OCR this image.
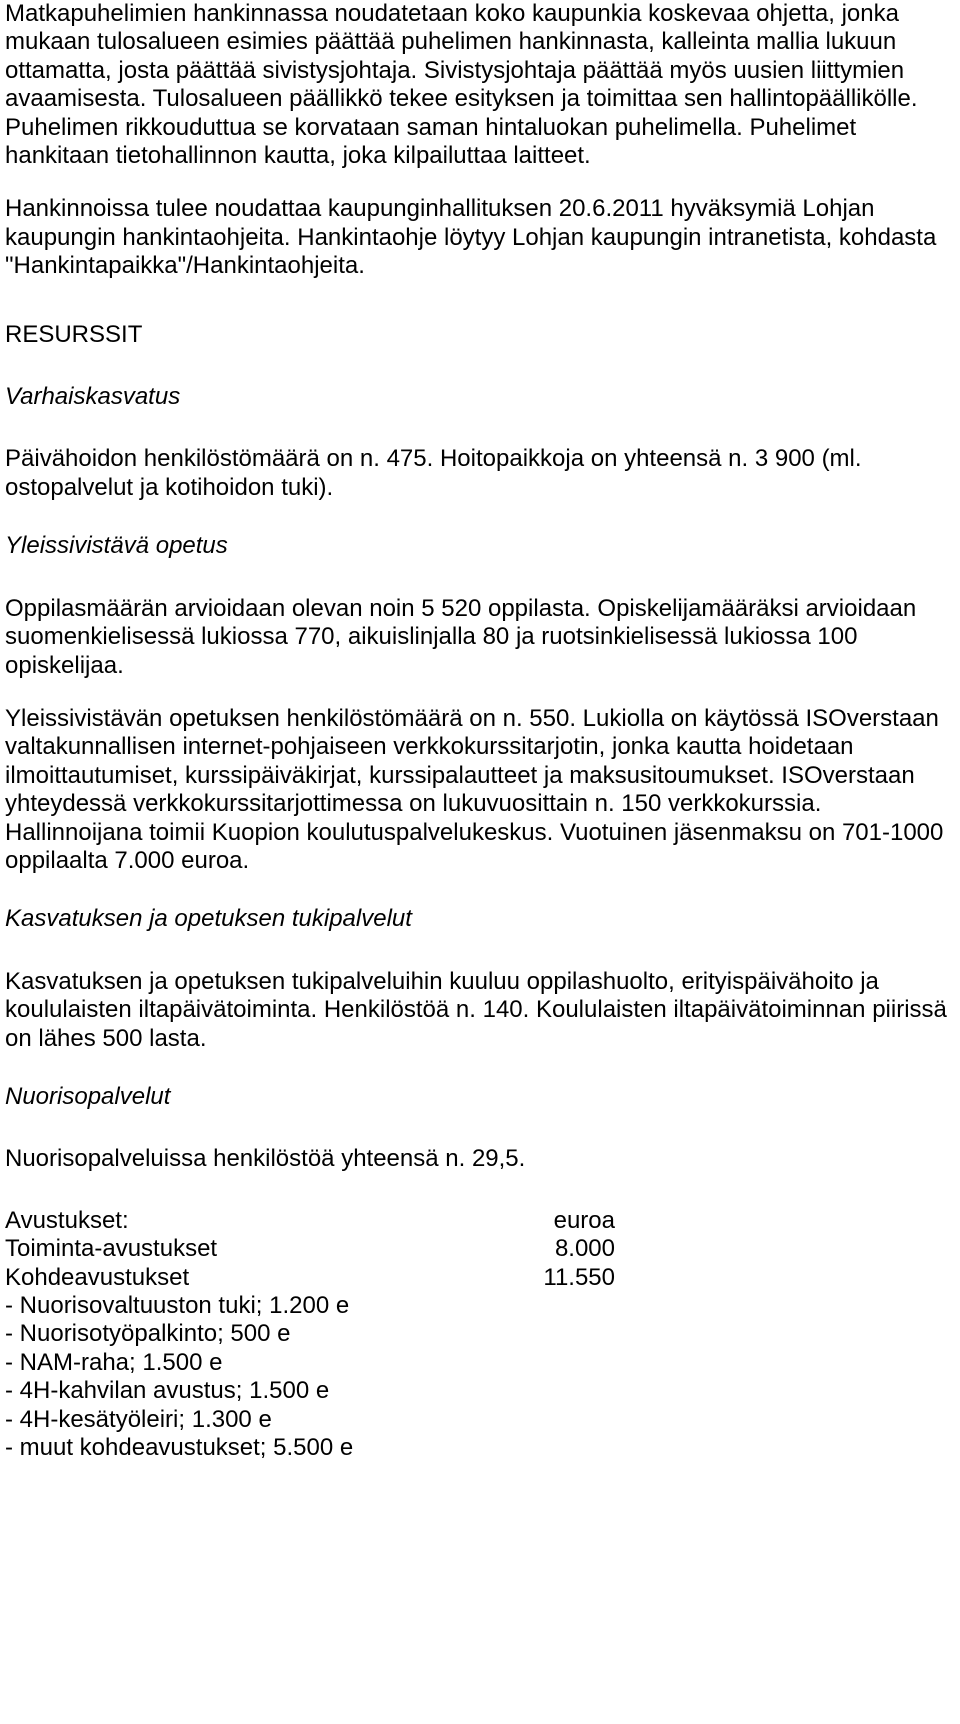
Matkapuhelimien hankinnassa noudatetaan koko kaupunkia koskevaa ohjetta, jonka mukaan tulosalueen esimies päättää puhelimen hankinnasta, kalleinta mallia lukuun ottamatta, josta päättää sivistysjohtaja. Sivistysjohtaja päättää myös uusien liittymien avaamisesta. Tulosalueen päällikkö tekee esityksen ja toimittaa sen hallintopäällikölle. Puhelimen rikkouduttua se korvataan saman hintaluokan puhelimella. Puhelimet hankitaan tietohallinnon kautta, joka kilpailuttaa laitteet.

Hankinnoissa tulee noudattaa kaupunginhallituksen 20.6.2011 hyväksymiä Lohjan kaupungin hankintaohjeita. Hankintaohje löytyy Lohjan kaupungin intranetista, kohdasta "Hankintapaikka"/Hankintaohjeita.

RESURSSIT

Varhaiskasvatus

Päivähoidon henkilöstömäärä on n. 475. Hoitopaikkoja on yhteensä n. 3 900 (ml. ostopalvelut ja kotihoidon tuki).

Yleissivistävä opetus

Oppilasmäärän arvioidaan olevan noin 5 520 oppilasta. Opiskelijamääräksi arvioidaan suomenkielisessä lukiossa 770, aikuislinjalla 80 ja ruotsinkielisessä lukiossa 100 opiskelijaa.

Yleissivistävän opetuksen henkilöstömäärä on n. 550. Lukiolla on käytössä ISOverstaan valtakunnallisen internet-pohjaiseen verkkokurssitarjotin, jonka kautta hoidetaan ilmoittautumiset, kurssipäiväkirjat, kurssipalautteet ja maksusitoumukset. ISOverstaan yhteydessä verkkokurssitarjottimessa on lukuvuosittain n. 150 verkkokurssia. Hallinnoijana toimii Kuopion koulutuspalvelukeskus. Vuotuinen jäsenmaksu on 701-1000 oppilaalta 7.000 euroa.

Kasvatuksen ja opetuksen tukipalvelut

Kasvatuksen ja opetuksen tukipalveluihin kuuluu oppilashuolto, erityispäivähoito ja koululaisten iltapäivätoiminta. Henkilöstöä n. 140. Koululaisten iltapäivätoiminnan piirissä on lähes 500 lasta.

Nuorisopalvelut

Nuorisopalveluissa henkilöstöä yhteensä n. 29,5.

Avustukset:	euroa
Toiminta-avustukset	8.000
Kohdeavustukset	11.550
- Nuorisovaltuuston tuki; 1.200 e
- Nuorisotyöpalkinto; 500 e
- NAM-raha; 1.500 e
- 4H-kahvilan avustus; 1.500 e
- 4H-kesätyöleiri; 1.300 e
- muut kohdeavustukset; 5.500 e
